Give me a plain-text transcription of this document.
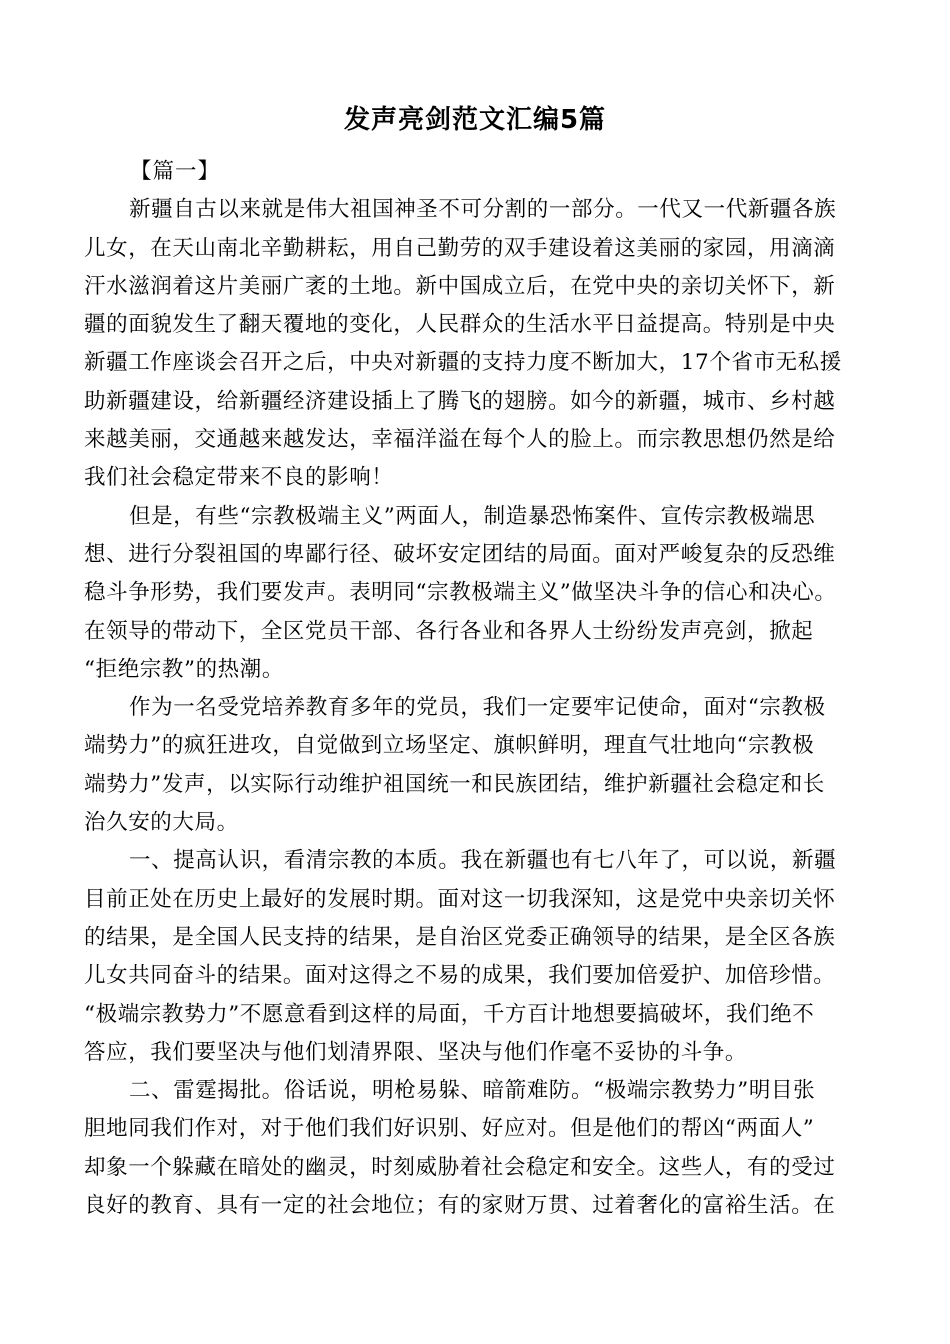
发声亮剑范文汇编5篇
【篇一】
新疆自古以来就是伟大祖国神圣不可分割的一部分。一代又一代新疆各族
儿女，在天山南北辛勤耕耘，用自己勤劳的双手建设着这美丽的家园，用滴滴
汗水滋润着这片美丽广袤的土地。新中国成立后，在党中央的亲切关怀下，新
疆的面貌发生了翻天覆地的变化，人民群众的生活水平日益提高。特别是中央
新疆工作座谈会召开之后，中央对新疆的支持力度不断加大，17个省市无私援
助新疆建设，给新疆经济建设插上了腾飞的翅膀。如今的新疆，城市、乡村越
来越美丽，交通越来越发达，幸福洋溢在每个人的脸上。而宗教思想仍然是给
我们社会稳定带来不良的影响！
但是，有些“宗教极端主义”两面人，制造暴恐怖案件、宣传宗教极端思
想、进行分裂祖国的卑鄙行径、破坏安定团结的局面。面对严峻复杂的反恐维
稳斗争形势，我们要发声。表明同“宗教极端主义”做坚决斗争的信心和决心。
在领导的带动下，全区党员干部、各行各业和各界人士纷纷发声亮剑，掀起
“拒绝宗教”的热潮。
作为一名受党培养教育多年的党员，我们一定要牢记使命，面对“宗教极
端势力”的疯狂进攻，自觉做到立场坚定、旗帜鲜明，理直气壮地向“宗教极
端势力”发声，以实际行动维护祖国统一和民族团结，维护新疆社会稳定和长
治久安的大局。
一、提高认识，看清宗教的本质。我在新疆也有七八年了，可以说，新疆
目前正处在历史上最好的发展时期。面对这一切我深知，这是党中央亲切关怀
的结果，是全国人民支持的结果，是自治区党委正确领导的结果，是全区各族
儿女共同奋斗的结果。面对这得之不易的成果，我们要加倍爱护、加倍珍惜。
“极端宗教势力”不愿意看到这样的局面，千方百计地想要搞破坏，我们绝不
答应，我们要坚决与他们划清界限、坚决与他们作毫不妥协的斗争。
二、雷霆揭批。俗话说，明枪易躲、暗箭难防。“极端宗教势力”明目张
胆地同我们作对，对于他们我们好识别、好应对。但是他们的帮凶“两面人”
却象一个躲藏在暗处的幽灵，时刻威胁着社会稳定和安全。这些人，有的受过
良好的教育、具有一定的社会地位；有的家财万贯、过着奢化的富裕生活。在
